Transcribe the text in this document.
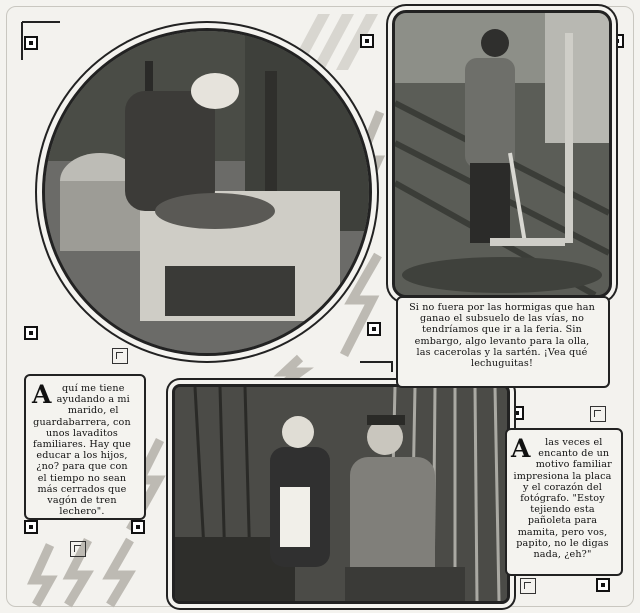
Si no fuera por las hormigas que han ganao el subsuelo de las vías, no tendríamos que ir a la feria. Sin embargo, algo levanto para la olla, las cacerolas y la sartén. ¡Vea qué lechuguitas!
A quí me tiene ayudando a mi marido, el guardabarrera, con unos lavaditos familiares. Hay que educar a los hijos, ¿no? para que con el tiempo no sean más cerrados que vagón de tren lechero".
A las veces el encanto de un motivo familiar impresiona la placa y el corazón del fotógrafo. "Estoy tejiendo esta pañoleta para mamita, pero vos, papito, no le digas nada, ¿eh?"
